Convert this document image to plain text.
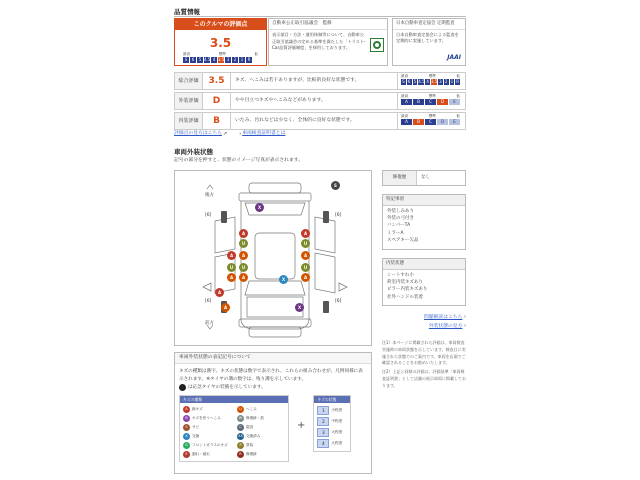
品質情報
このクルマの評価点
3.5
最高	標準	低
S	6	5 4.5 4 3.5 3	2	1	R
自動車公正取引協議会　監修
表示項目・方法・運用体制等について、自動車公正取引協議会の定める基準を満たした「トラスト-Car品質評価制度」を採用しております。
日本自動車査定協会 定期監査
日本自動車査定協会による監査を定期的に実施しています。
JAAI
総合評価	3.5	キズ、へこみは若干ありますが、比較的良好な状態です。
最高	標準	低
S 6 5 4.5 4 3.5 3 2 1 R
外装評価	D	やや目立つキズやへこみなどがあります。
最高	標準	低
A	B	C	D	E
内装評価	B	いたみ、汚れなどは少なく、全体的に良好な状態です。
最高	標準	低
A	B	C	D	E
評価点の見方はこちら ↗ › 車両検査証明書とは
車両外装状態
記号の部分を押すと、状態のイメージ写真が表示されます。
後方
前方
[6]	[6]
[6]	[6]
S
X
A
U
A
U
A
A
U
A
A
U
A
U
A
X
A
X
A
修復歴	なし
特記事項
外装しみあり
外装の弓付き
バンパーTA
ミラーA
スペアキー欠品
内装状態
シートすれ小
荷室内装キズあり
ピラー内装キズあり
社外ハンドル装着
問題解説はこちら ›
外装状態の見方 ›
注1）本ページに掲載された評価は、車両検査実施時の車両状態を示しています。検査日に実施された状態でのご案内です。車両を店頭でご確認されることをお勧めいたします。
注2）上記と同様の評価は、評価基準「車両検査証明書」として店舗の展示車両に掲載しております。
車両外装状態の表記記号について
キズの種類は漢字、キズの状態は数字で表示され、これらの組み合わせが、凡例同様に表示されます。※タイヤの溝の数字は、残り溝を示しています。
は応急タイヤの装備を示しています。
キズの種類
A	線キズ	U	へこみ
B	キズを伴うへこみ	W	修理跡・波
S	サビ	C	腐食
X	交換	XX 交換済み
G	フロントガラスのキズ	P	塗装
E	割れ・破れ	R	修理跡
+
キズの状態
1	小程度
2	中程度
3	大程度
4	大程度
